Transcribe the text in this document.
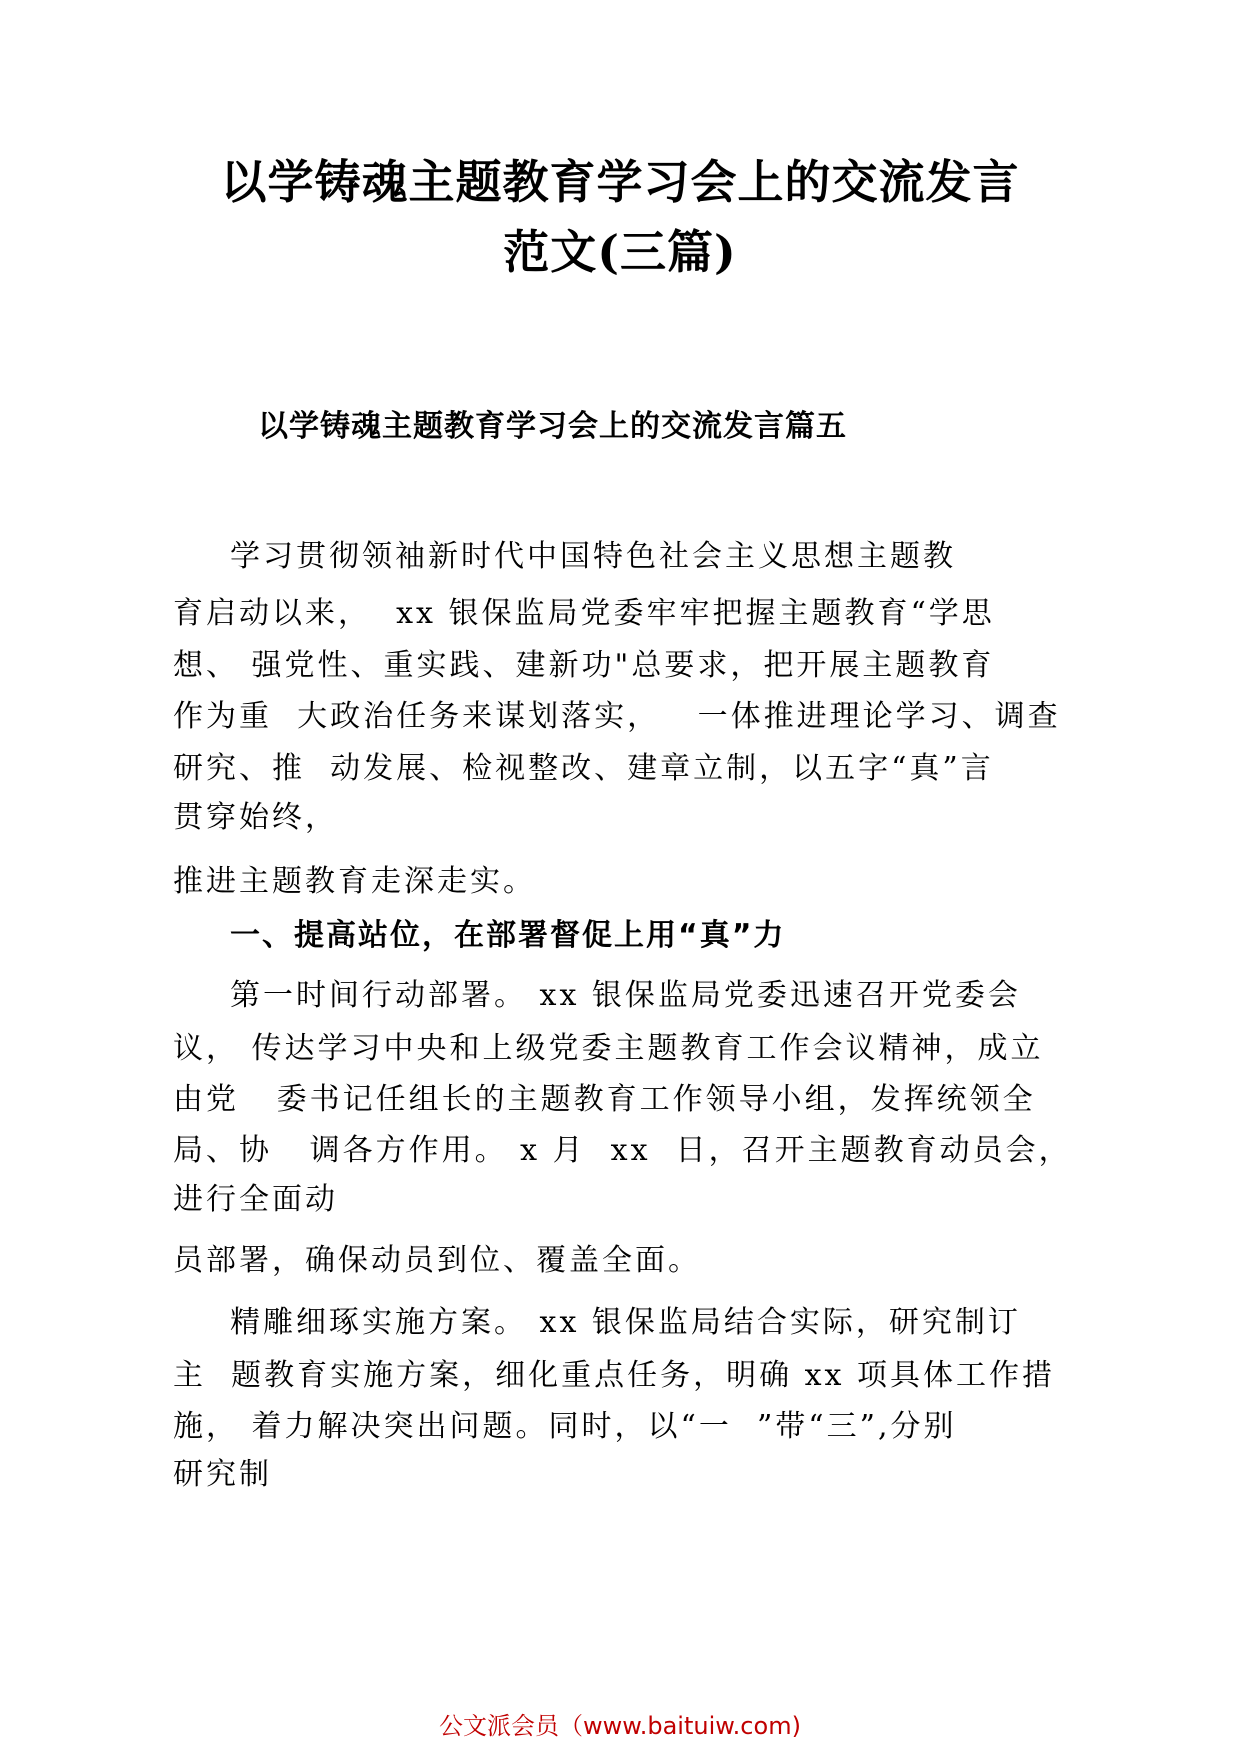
以学铸魂主题教育学习会上的交流发言
范文(三篇)
以学铸魂主题教育学习会上的交流发言篇五
学习贯彻领袖新时代中国特色社会主义思想主题教
育启动以来，  xx 银保监局党委牢牢把握主题教育“学思
想、 强党性、重实践、建新功"总要求，把开展主题教育
作为重  大政治任务来谋划落实，   一体推进理论学习、调查
研究、推  动发展、检视整改、建章立制，以五字“真”言
贯穿始终，
推进主题教育走深走实。
一、提高站位，在部署督促上用“真”力
第一时间行动部署。 xx 银保监局党委迅速召开党委会
议， 传达学习中央和上级党委主题教育工作会议精神，成立
由党   委书记任组长的主题教育工作领导小组，发挥统领全
局、协   调各方作用。 x 月  xx  日，召开主题教育动员会，
进行全面动
员部署，确保动员到位、覆盖全面。
精雕细琢实施方案。 xx 银保监局结合实际，研究制订
主  题教育实施方案，细化重点任务，明确 xx 项具体工作措
施， 着力解决突出问题。同时，以“一  ”带“三”,分别
研究制
公文派会员（www.baituiw.com)
